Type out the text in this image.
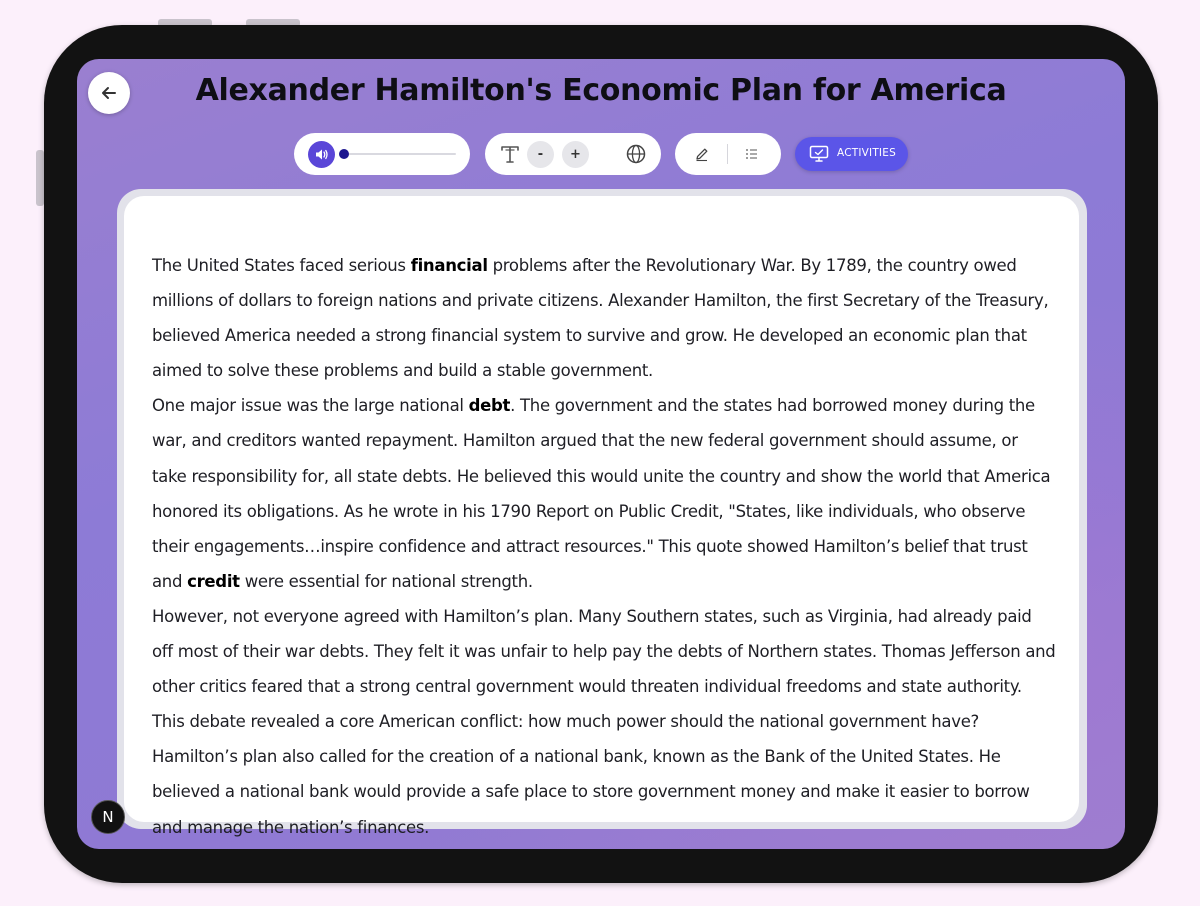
Alexander Hamilton's Economic Plan for America
-	+	ACTIVITIES

The United States faced serious financial problems after the Revolutionary War. By 1789, the country owed millions of dollars to foreign nations and private citizens. Alexander Hamilton, the first Secretary of the Treasury, believed America needed a strong financial system to survive and grow. He developed an economic plan that aimed to solve these problems and build a stable government.

One major issue was the large national debt. The government and the states had borrowed money during the war, and creditors wanted repayment. Hamilton argued that the new federal government should assume, or take responsibility for, all state debts. He believed this would unite the country and show the world that America honored its obligations. As he wrote in his 1790 Report on Public Credit, "States, like individuals, who observe their engagements…inspire confidence and attract resources." This quote showed Hamilton’s belief that trust and credit were essential for national strength.

However, not everyone agreed with Hamilton’s plan. Many Southern states, such as Virginia, had already paid off most of their war debts. They felt it was unfair to help pay the debts of Northern states. Thomas Jefferson and other critics feared that a strong central government would threaten individual freedoms and state authority. This debate revealed a core American conflict: how much power should the national government have?

Hamilton’s plan also called for the creation of a national bank, known as the Bank of the United States. He believed a national bank would provide a safe place to store government money and make it easier to borrow and manage the nation’s finances.

N
